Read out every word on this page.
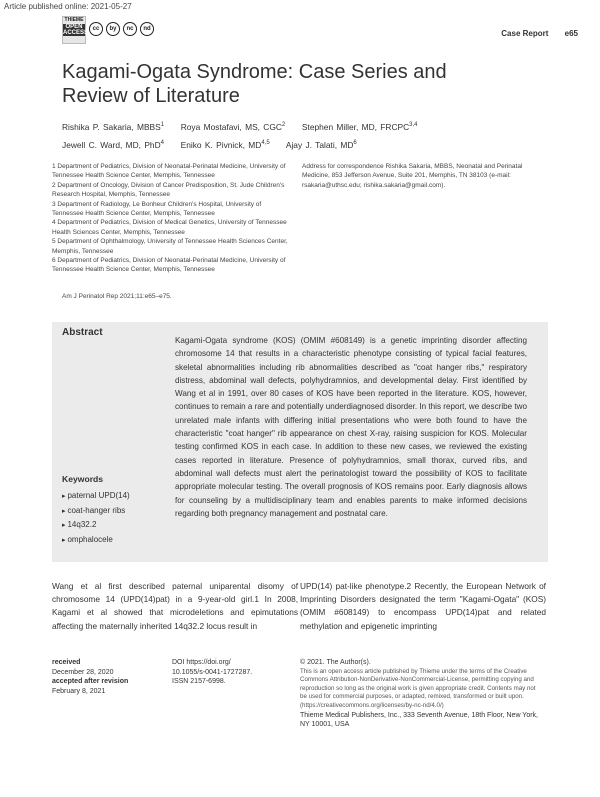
Article published online: 2021-05-27
THIEME
OPEN ACCESS
cc	by	nc	nd	Case Report e65
Kagami-Ogata Syndrome: Case Series and Review of Literature
Rishika P. Sakaria, MBBS$^1$ Roya Mostafavi, MS, CGC$^2$ Stephen Miller, MD, FRCPC$^{3,4}$
Jewell C. Ward, MD, PhD$^4$ Eniko K. Pivnick, MD$^{4,5}$ Ajay J. Talati, $MD^6$
1 Department of Pediatrics, Division of Neonatal-Perinatal Medicine, University of Tennessee Health Science Center, Memphis, Tennessee
2 Department of Oncology, Division of Cancer Predisposition, St. Jude Children's Research Hospital, Memphis, Tennessee
3 Department of Radiology, Le Bonheur Children's Hospital, University of Tennessee Health Science Center, Memphis, Tennessee
4 Department of Pediatrics, Division of Medical Genetics, University of Tennessee Health Sciences Center, Memphis, Tennessee
5 Department of Ophthalmology, University of Tennessee Health Sciences Center, Memphis, Tennessee
6 Department of Pediatrics, Division of Neonatal-Perinatal Medicine, University of Tennessee Health Science Center, Memphis, Tennessee
Address for correspondence Rishika Sakaria, MBBS, Neonatal and Perinatal Medicine, 853 Jefferson Avenue, Suite 201, Memphis, TN 38103 (e-mail: rsakaria@uthsc.edu; rishika.sakaria@gmail.com).
Am J Perinatol Rep 2021;11:e65–e75.
Abstract
Kagami-Ogata syndrome (KOS) (OMIM #608149) is a genetic imprinting disorder affecting chromosome 14 that results in a characteristic phenotype consisting of typical facial features, skeletal abnormalities including rib abnormalities described as "coat hanger ribs," respiratory distress, abdominal wall defects, polyhydramnios, and developmental delay. First identified by Wang et al in 1991, over 80 cases of KOS have been reported in the literature. KOS, however, continues to remain a rare and potentially underdiagnosed disorder. In this report, we describe two unrelated male infants with differing initial presentations who were both found to have the characteristic "coat hanger" rib appearance on chest X-ray, raising suspicion for KOS. Molecular testing confirmed KOS in each case. In addition to these new cases, we reviewed the existing cases reported in literature. Presence of polyhydramnios, small thorax, curved ribs, and abdominal wall defects must alert the perinatologist toward the possibility of KOS to facilitate appropriate molecular testing. The overall prognosis of KOS remains poor. Early diagnosis allows for counseling by a multidisciplinary team and enables parents to make informed decisions regarding both pregnancy management and postnatal care.
Keywords
▸ paternal UPD(14)
▸ coat-hanger ribs
▸ 14q32.2
▸ omphalocele
Wang et al first described paternal uniparental disomy of chromosome 14 (UPD(14)pat) in a 9-year-old girl.1 In 2008, Kagami et al showed that microdeletions and epimutations affecting the maternally inherited 14q32.2 locus result in
UPD(14) pat-like phenotype.2 Recently, the European Network of Imprinting Disorders designated the term "Kagami-Ogata" (KOS) (OMIM #608149) to encompass UPD(14)pat and related methylation and epigenetic imprinting
received
December 28, 2020
accepted after revision
February 8, 2021
DOI https://doi.org/
10.1055/s-0041-1727287.
ISSN 2157-6998.
© 2021. The Author(s).
This is an open access article published by Thieme under the terms of the Creative Commons Attribution-NonDerivative-NonCommercial-License, permitting copying and reproduction so long as the original work is given appropriate credit. Contents may not be used for commercial purposes, or adapted, remixed, transformed or built upon. (https://creativecommons.org/licenses/by-nc-nd/4.0/)
Thieme Medical Publishers, Inc., 333 Seventh Avenue, 18th Floor, New York, NY 10001, USA
